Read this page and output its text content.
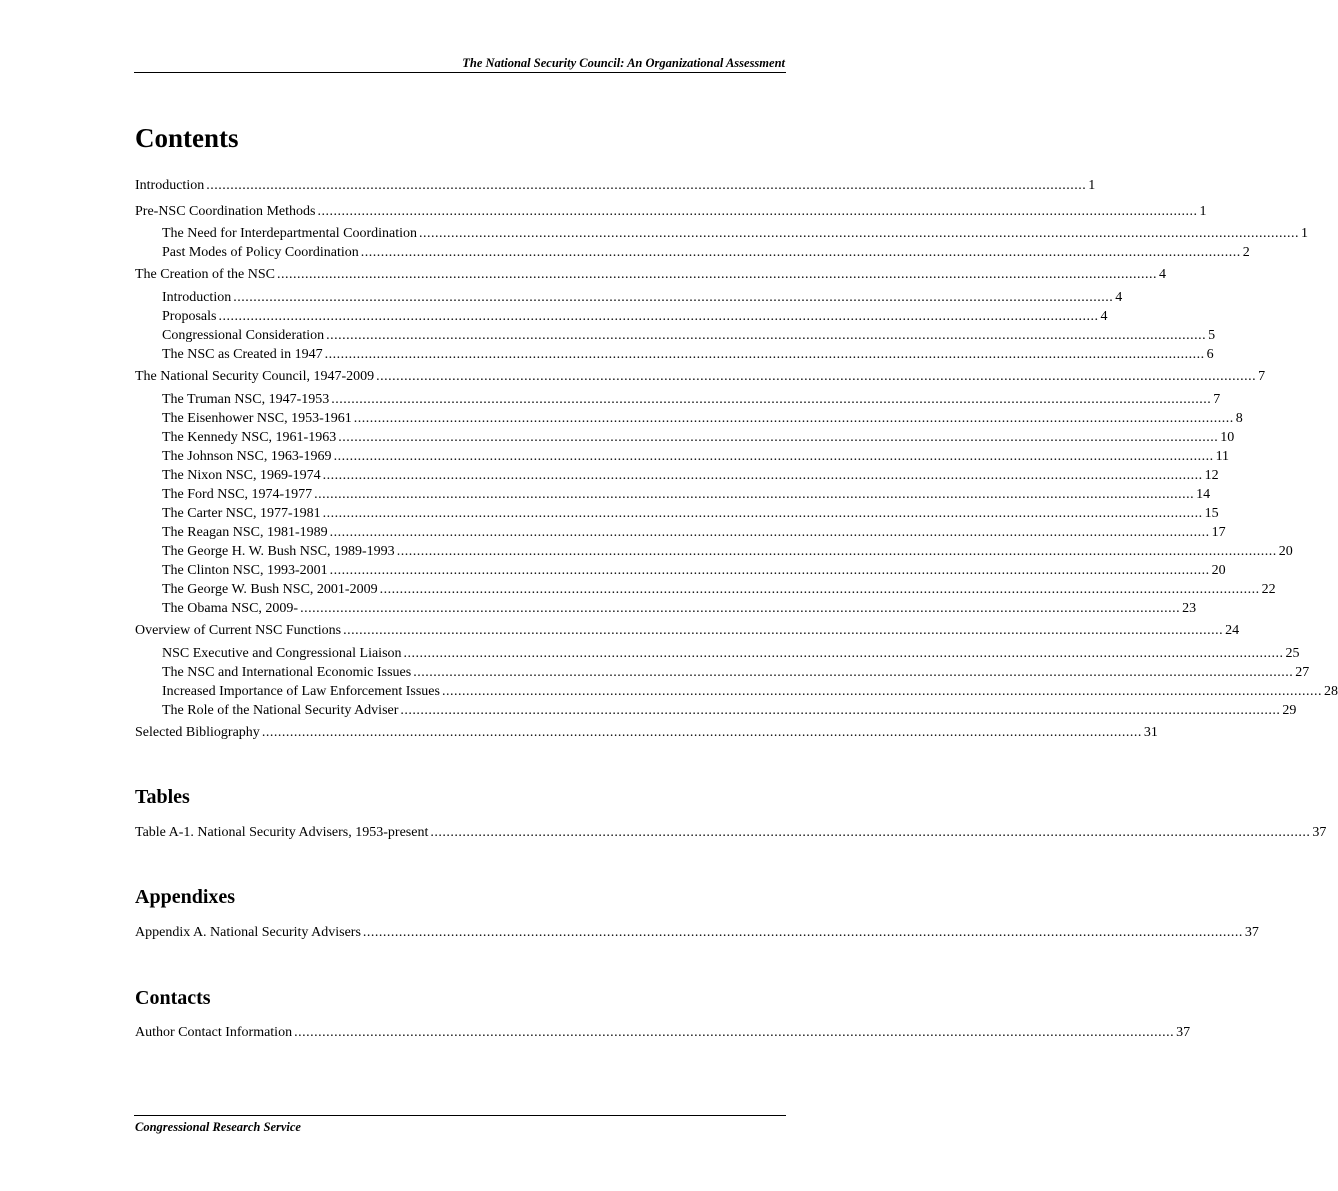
The National Security Council: An Organizational Assessment
Contents
Introduction ............................................................................................................................................................................................................................ 1
Pre-NSC Coordination Methods ............................................................................................................................................................................................................................ 1
The Need for Interdepartmental Coordination ............................................................................................................................................................................................................................ 1
Past Modes of Policy Coordination ............................................................................................................................................................................................................................ 2
The Creation of the NSC ............................................................................................................................................................................................................................ 4
Introduction ............................................................................................................................................................................................................................ 4
Proposals ............................................................................................................................................................................................................................ 4
Congressional Consideration ............................................................................................................................................................................................................................ 5
The NSC as Created in 1947 ............................................................................................................................................................................................................................ 6
The National Security Council, 1947-2009 ............................................................................................................................................................................................................................ 7
The Truman NSC, 1947-1953 ............................................................................................................................................................................................................................ 7
The Eisenhower NSC, 1953-1961 ............................................................................................................................................................................................................................ 8
The Kennedy NSC, 1961-1963 ............................................................................................................................................................................................................................ 10
The Johnson NSC, 1963-1969 ............................................................................................................................................................................................................................ 11
The Nixon NSC, 1969-1974 ............................................................................................................................................................................................................................ 12
The Ford NSC, 1974-1977 ............................................................................................................................................................................................................................ 14
The Carter NSC, 1977-1981 ............................................................................................................................................................................................................................ 15
The Reagan NSC, 1981-1989 ............................................................................................................................................................................................................................ 17
The George H. W. Bush NSC, 1989-1993 ............................................................................................................................................................................................................................ 20
The Clinton NSC, 1993-2001 ............................................................................................................................................................................................................................ 20
The George W. Bush NSC, 2001-2009 ............................................................................................................................................................................................................................ 22
The Obama NSC, 2009- ............................................................................................................................................................................................................................ 23
Overview of Current NSC Functions ............................................................................................................................................................................................................................ 24
NSC Executive and Congressional Liaison ............................................................................................................................................................................................................................ 25
The NSC and International Economic Issues ............................................................................................................................................................................................................................ 27
Increased Importance of Law Enforcement Issues ............................................................................................................................................................................................................................ 28
The Role of the National Security Adviser ............................................................................................................................................................................................................................ 29
Selected Bibliography ............................................................................................................................................................................................................................ 31
Tables
Table A-1. National Security Advisers, 1953-present ............................................................................................................................................................................................................................ 37
Appendixes
Appendix A. National Security Advisers ............................................................................................................................................................................................................................ 37
Contacts
Author Contact Information ............................................................................................................................................................................................................................ 37
Congressional Research Service
